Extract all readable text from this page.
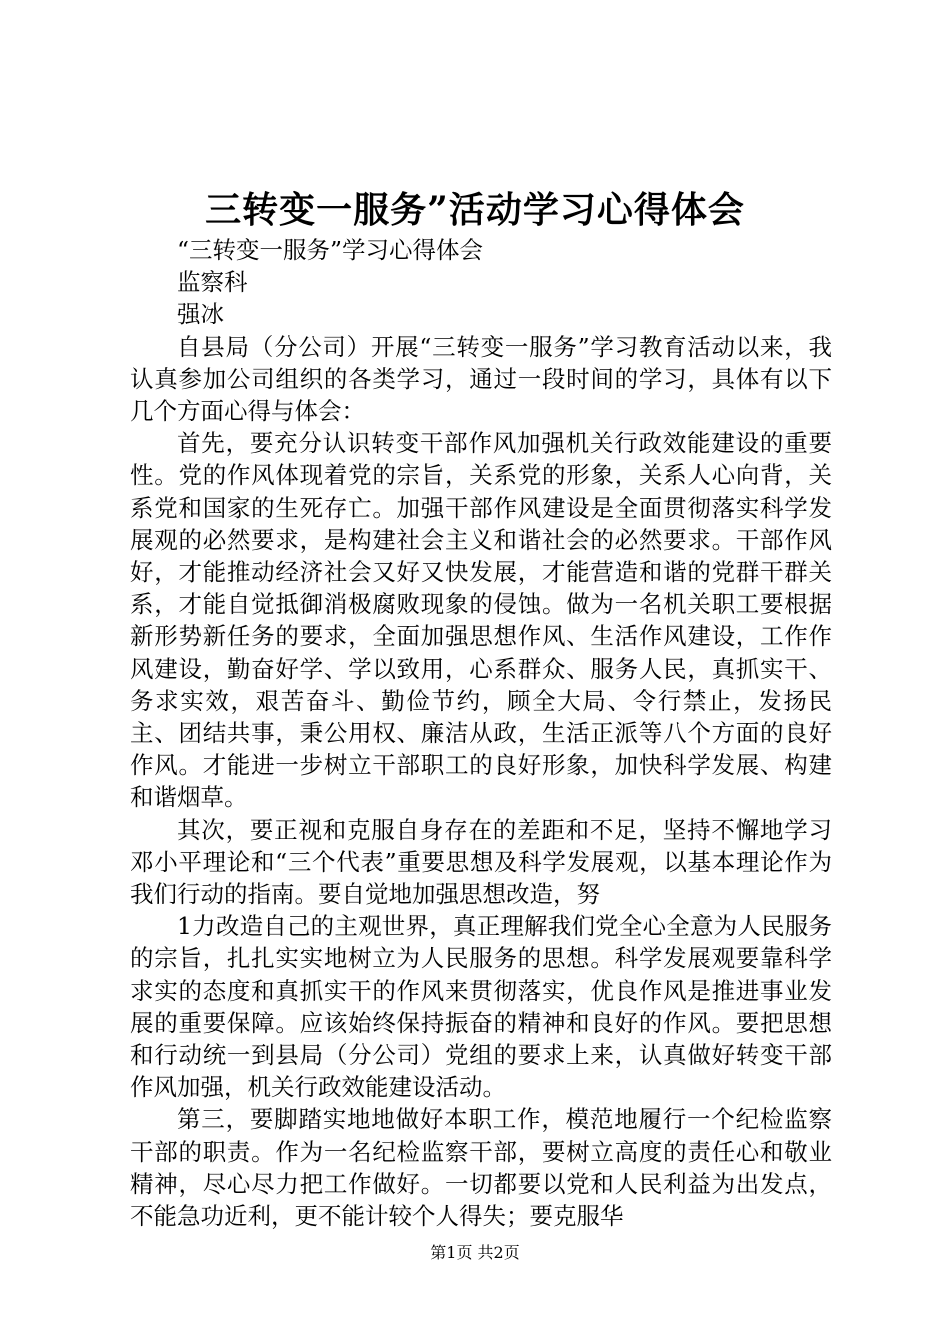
三转变一服务”活动学习心得体会

“三转变一服务”学习心得体会

监察科

强冰

自县局（分公司）开展“三转变一服务”学习教育活动以来，我认真参加公司组织的各类学习，通过一段时间的学习，具体有以下几个方面心得与体会：

首先，要充分认识转变干部作风加强机关行政效能建设的重要性。党的作风体现着党的宗旨，关系党的形象，关系人心向背，关系党和国家的生死存亡。加强干部作风建设是全面贯彻落实科学发展观的必然要求，是构建社会主义和谐社会的必然要求。干部作风好，才能推动经济社会又好又快发展，才能营造和谐的党群干群关系，才能自觉抵御消极腐败现象的侵蚀。做为一名机关职工要根据新形势新任务的要求，全面加强思想作风、生活作风建设，工作作风建设，勤奋好学、学以致用，心系群众、服务人民，真抓实干、务求实效，艰苦奋斗、勤俭节约，顾全大局、令行禁止，发扬民主、团结共事，秉公用权、廉洁从政，生活正派等八个方面的良好作风。才能进一步树立干部职工的良好形象，加快科学发展、构建和谐烟草。

其次，要正视和克服自身存在的差距和不足，坚持不懈地学习邓小平理论和“三个代表”重要思想及科学发展观，以基本理论作为我们行动的指南。要自觉地加强思想改造，努

1力改造自己的主观世界，真正理解我们党全心全意为人民服务的宗旨，扎扎实实地树立为人民服务的思想。科学发展观要靠科学求实的态度和真抓实干的作风来贯彻落实，优良作风是推进事业发展的重要保障。应该始终保持振奋的精神和良好的作风。要把思想和行动统一到县局（分公司）党组的要求上来，认真做好转变干部作风加强，机关行政效能建设活动。

第三，要脚踏实地地做好本职工作，模范地履行一个纪检监察干部的职责。作为一名纪检监察干部，要树立高度的责任心和敬业精神，尽心尽力把工作做好。一切都要以党和人民利益为出发点，不能急功近利，更不能计较个人得失；要克服华

第1页 共2页
